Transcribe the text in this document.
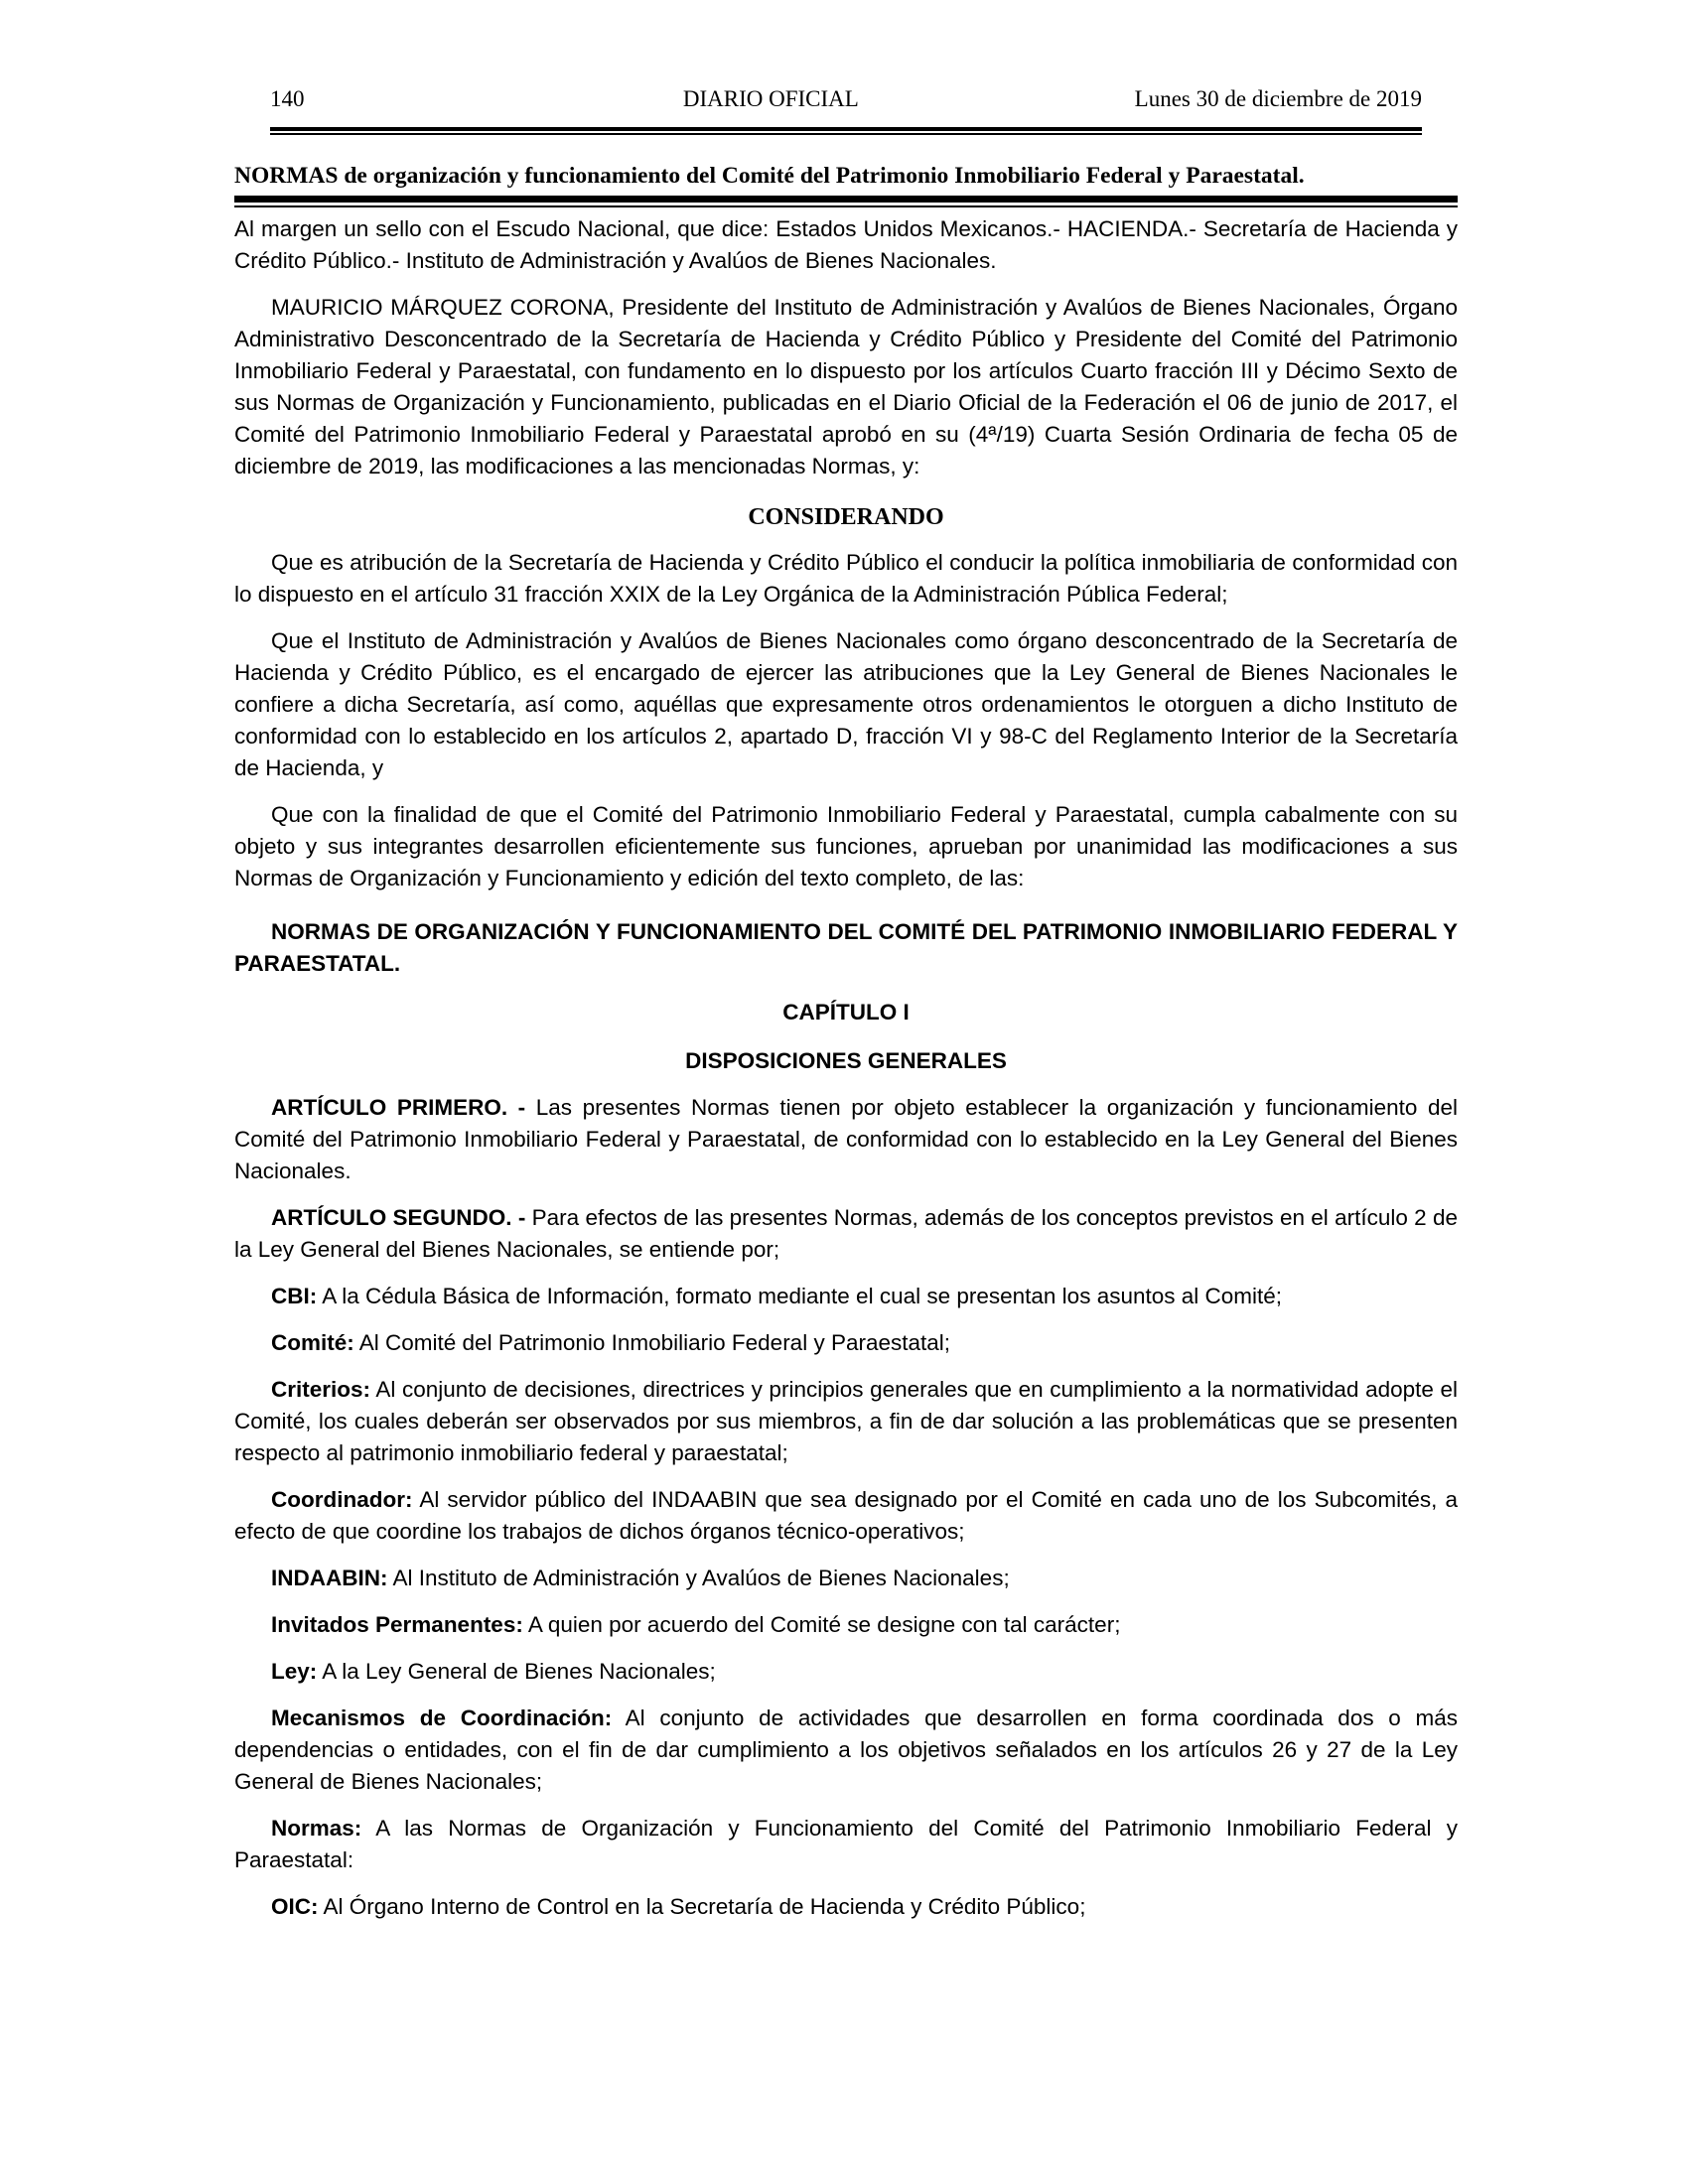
140	DIARIO OFICIAL	Lunes 30 de diciembre de 2019
NORMAS de organización y funcionamiento del Comité del Patrimonio Inmobiliario Federal y Paraestatal.

Al margen un sello con el Escudo Nacional, que dice: Estados Unidos Mexicanos.- HACIENDA.- Secretaría de Hacienda y Crédito Público.- Instituto de Administración y Avalúos de Bienes Nacionales.

MAURICIO MÁRQUEZ CORONA, Presidente del Instituto de Administración y Avalúos de Bienes Nacionales, Órgano Administrativo Desconcentrado de la Secretaría de Hacienda y Crédito Público y Presidente del Comité del Patrimonio Inmobiliario Federal y Paraestatal, con fundamento en lo dispuesto por los artículos Cuarto fracción III y Décimo Sexto de sus Normas de Organización y Funcionamiento, publicadas en el Diario Oficial de la Federación el 06 de junio de 2017, el Comité del Patrimonio Inmobiliario Federal y Paraestatal aprobó en su (4ª/19) Cuarta Sesión Ordinaria de fecha 05 de diciembre de 2019, las modificaciones a las mencionadas Normas, y:

CONSIDERANDO

Que es atribución de la Secretaría de Hacienda y Crédito Público el conducir la política inmobiliaria de conformidad con lo dispuesto en el artículo 31 fracción XXIX de la Ley Orgánica de la Administración Pública Federal;

Que el Instituto de Administración y Avalúos de Bienes Nacionales como órgano desconcentrado de la Secretaría de Hacienda y Crédito Público, es el encargado de ejercer las atribuciones que la Ley General de Bienes Nacionales le confiere a dicha Secretaría, así como, aquéllas que expresamente otros ordenamientos le otorguen a dicho Instituto de conformidad con lo establecido en los artículos 2, apartado D, fracción VI y 98-C del Reglamento Interior de la Secretaría de Hacienda, y

Que con la finalidad de que el Comité del Patrimonio Inmobiliario Federal y Paraestatal, cumpla cabalmente con su objeto y sus integrantes desarrollen eficientemente sus funciones, aprueban por unanimidad las modificaciones a sus Normas de Organización y Funcionamiento y edición del texto completo, de las:

NORMAS DE ORGANIZACIÓN Y FUNCIONAMIENTO DEL COMITÉ DEL PATRIMONIO INMOBILIARIO FEDERAL Y PARAESTATAL.

CAPÍTULO I

DISPOSICIONES GENERALES

ARTÍCULO PRIMERO. - Las presentes Normas tienen por objeto establecer la organización y funcionamiento del Comité del Patrimonio Inmobiliario Federal y Paraestatal, de conformidad con lo establecido en la Ley General del Bienes Nacionales.

ARTÍCULO SEGUNDO. - Para efectos de las presentes Normas, además de los conceptos previstos en el artículo 2 de la Ley General del Bienes Nacionales, se entiende por;

CBI: A la Cédula Básica de Información, formato mediante el cual se presentan los asuntos al Comité;

Comité: Al Comité del Patrimonio Inmobiliario Federal y Paraestatal;

Criterios: Al conjunto de decisiones, directrices y principios generales que en cumplimiento a la normatividad adopte el Comité, los cuales deberán ser observados por sus miembros, a fin de dar solución a las problemáticas que se presenten respecto al patrimonio inmobiliario federal y paraestatal;

Coordinador: Al servidor público del INDAABIN que sea designado por el Comité en cada uno de los Subcomités, a efecto de que coordine los trabajos de dichos órganos técnico-operativos;

INDAABIN: Al Instituto de Administración y Avalúos de Bienes Nacionales;

Invitados Permanentes: A quien por acuerdo del Comité se designe con tal carácter;

Ley: A la Ley General de Bienes Nacionales;

Mecanismos de Coordinación: Al conjunto de actividades que desarrollen en forma coordinada dos o más dependencias o entidades, con el fin de dar cumplimiento a los objetivos señalados en los artículos 26 y 27 de la Ley General de Bienes Nacionales;

Normas: A las Normas de Organización y Funcionamiento del Comité del Patrimonio Inmobiliario Federal y Paraestatal:

OIC: Al Órgano Interno de Control en la Secretaría de Hacienda y Crédito Público;
